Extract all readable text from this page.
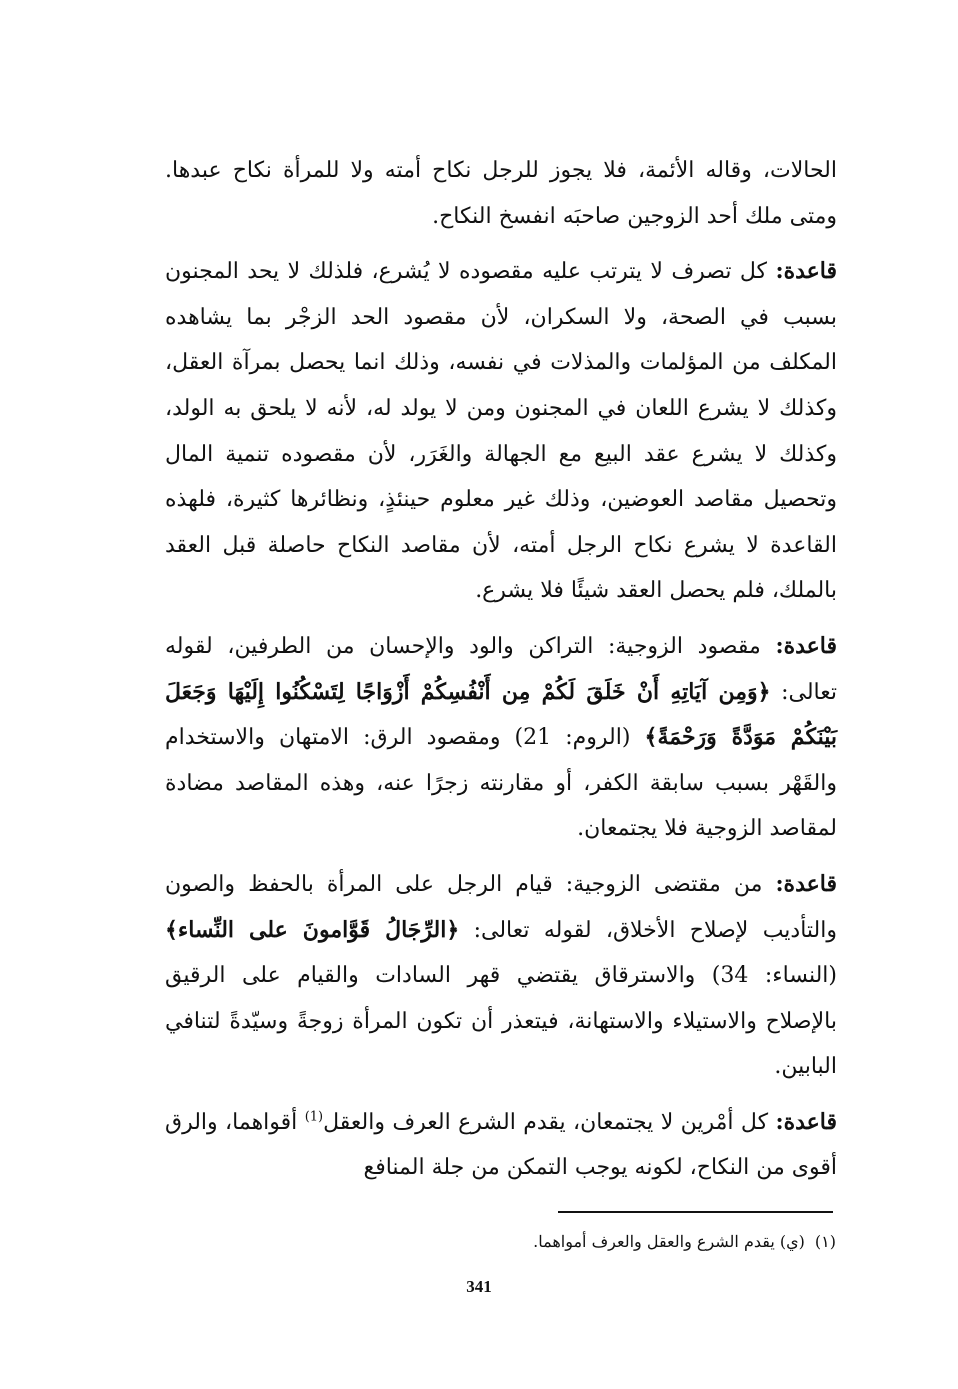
الحالات، وقاله الأئمة، فلا يجوز للرجل نكاح أمته ولا للمرأة نكاح عبدها. ومتى ملك أحد الزوجين صاحبَه انفسخ النكاح.

قاعدة: كل تصرف لا يترتب عليه مقصوده لا يُشرع، فلذلك لا يحد المجنون بسبب في الصحة، ولا السكران، لأن مقصود الحد الزجْر بما يشاهده المكلف من المؤلمات والمذلات في نفسه، وذلك انما يحصل بمرآة العقل، وكذلك لا يشرع اللعان في المجنون ومن لا يولد له، لأنه لا يلحق به الولد، وكذلك لا يشرع عقد البيع مع الجهالة والغَرَر، لأن مقصوده تنمية المال وتحصيل مقاصد العوضين، وذلك غير معلوم حينئذٍ، ونظائرها كثيرة، فلهذه القاعدة لا يشرع نكاح الرجل أمته، لأن مقاصد النكاح حاصلة قبل العقد بالملك، فلم يحصل العقد شيئًا فلا يشرع.

قاعدة: مقصود الزوجية: التراكن والود والإحسان من الطرفين، لقوله تعالى: ﴿وَمِن آيَاتِهِ أَنْ خَلَقَ لَكُمْ مِن أَنْفُسِكُمْ أَزْوَاجًا لِتَسْكُنُوا إِلَيْهَا وَجَعَلَ بَيْنَكُمْ مَوَدَّةً وَرَحْمَةً﴾ (الروم: 21) ومقصود الرق: الامتهان والاستخدام والقَهْر بسبب سابقة الكفر، أو مقارنته زجرًا عنه، وهذه المقاصد مضادة لمقاصد الزوجية فلا يجتمعان.

قاعدة: من مقتضى الزوجية: قيام الرجل على المرأة بالحفظ والصون والتأديب لإصلاح الأخلاق، لقوله تعالى: ﴿الرِّجَالُ قَوَّامونَ على النِّساء﴾ (النساء: 34) والاسترقاق يقتضي قهر السادات والقيام على الرقيق بالإصلاح والاستيلاء والاستهانة، فيتعذر أن تكون المرأة زوجةً وسيّدةً لتنافي البابين.

قاعدة: كل أمْرين لا يجتمعان، يقدم الشرع العرف والعقل$^{(1)}$ أقواهما، والرق أقوى من النكاح، لكونه يوجب التمكن من جلة المنافع

(١)(ي) يقدم الشرع والعقل والعرف أمواهما.
341
